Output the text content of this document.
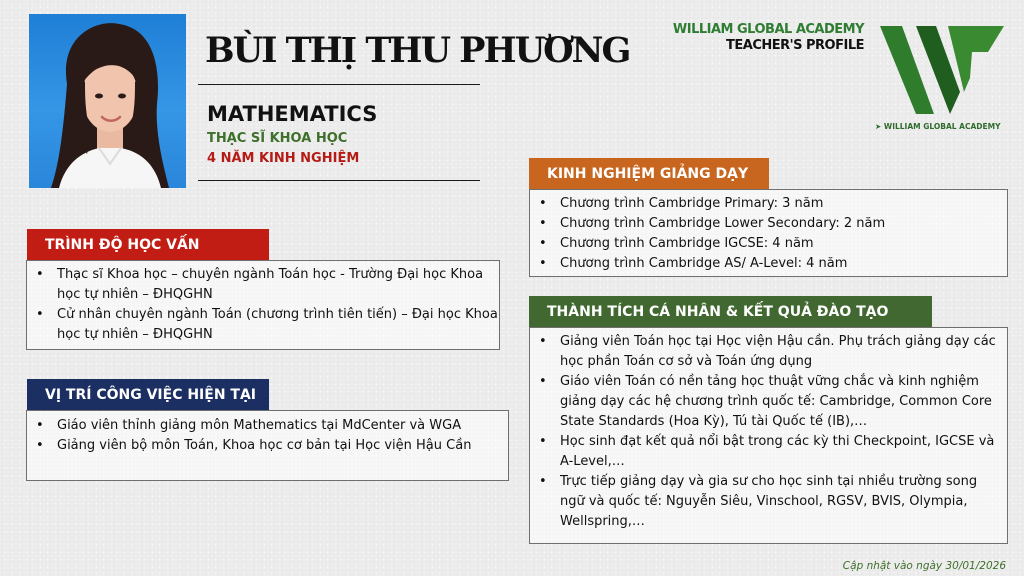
BÙI THỊ THU PHƯƠNG
MATHEMATICS
THẠC SĨ KHOA HỌC
4 NĂM KINH NGHIỆM
WILLIAM GLOBAL ACADEMY
TEACHER'S PROFILE
➤ WILLIAM GLOBAL ACADEMY
TRÌNH ĐỘ HỌC VẤN
• Thạc sĩ Khoa học – chuyên ngành Toán học - Trường Đại học Khoa học tự nhiên – ĐHQGHN
• Cử nhân chuyên ngành Toán (chương trình tiên tiến) – Đại học Khoa học tự nhiên – ĐHQGHN
VỊ TRÍ CÔNG VIỆC HIỆN TẠI
• Giáo viên thỉnh giảng môn Mathematics tại MdCenter và WGA
• Giảng viên bộ môn Toán, Khoa học cơ bản tại Học viện Hậu Cần
KINH NGHIỆM GIẢNG DẠY
• Chương trình Cambridge Primary: 3 năm
• Chương trình Cambridge Lower Secondary: 2 năm
• Chương trình Cambridge IGCSE: 4 năm
• Chương trình Cambridge AS/ A-Level: 4 năm
THÀNH TÍCH CÁ NHÂN & KẾT QUẢ ĐÀO TẠO
• Giảng viên Toán học tại Học viện Hậu cần. Phụ trách giảng dạy các học phần Toán cơ sở và Toán ứng dụng
• Giáo viên Toán có nền tảng học thuật vững chắc và kinh nghiệm giảng dạy các hệ chương trình quốc tế: Cambridge, Common Core State Standards (Hoa Kỳ), Tú tài Quốc tế (IB),…
• Học sinh đạt kết quả nổi bật trong các kỳ thi Checkpoint, IGCSE và A-Level,…
• Trực tiếp giảng dạy và gia sư cho học sinh tại nhiều trường song ngữ và quốc tế: Nguyễn Siêu, Vinschool, RGSV, BVIS, Olympia, Wellspring,…
Cập nhật vào ngày 30/01/2026
